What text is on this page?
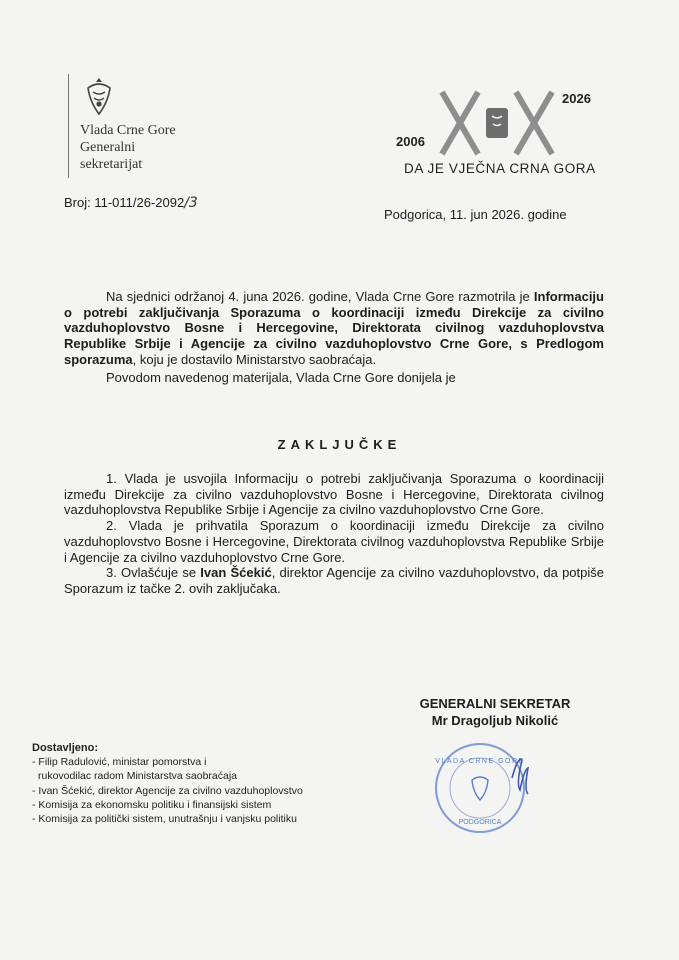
Vlada Crne Gore
Generalni
sekretarijat
2026
2006
DA JE VJEČNA CRNA GORA
Broj: 11-011/26-2092/3
Podgorica, 11. jun 2026. godine

Na sjednici održanoj 4. juna 2026. godine, Vlada Crne Gore razmotrila je Informaciju o potrebi zaključivanja Sporazuma o koordinaciji između Direkcije za civilno vazduhoplovstvo Bosne i Hercegovine, Direktorata civilnog vazduhoplovstva Republike Srbije i Agencije za civilno vazduhoplovstvo Crne Gore, s Predlogom sporazuma, koju je dostavilo Ministarstvo saobraćaja.

Povodom navedenog materijala, Vlada Crne Gore donijela je

ZAKLJUČKE

1. Vlada je usvojila Informaciju o potrebi zaključivanja Sporazuma o koordinaciji između Direkcije za civilno vazduhoplovstvo Bosne i Hercegovine, Direktorata civilnog vazduhoplovstva Republike Srbije i Agencije za civilno vazduhoplovstvo Crne Gore.

2. Vlada je prihvatila Sporazum o koordinaciji između Direkcije za civilno vazduhoplovstvo Bosne i Hercegovine, Direktorata civilnog vazduhoplovstva Republike Srbije i Agencije za civilno vazduhoplovstvo Crne Gore.

3. Ovlašćuje se Ivan Šćekić, direktor Agencije za civilno vazduhoplovstvo, da potpiše Sporazum iz tačke 2. ovih zaključaka.

GENERALNI SEKRETAR
Mr Dragoljub Nikolić
VLADA CRNE GORE
PODGORICA
Dostavljeno:
- Filip Radulović, ministar pomorstva i
rukovodilac radom Ministarstva saobraćaja
- Ivan Šćekić, direktor Agencije za civilno vazduhoplovstvo
- Komisija za ekonomsku politiku i finansijski sistem
- Komisija za politički sistem, unutrašnju i vanjsku politiku
